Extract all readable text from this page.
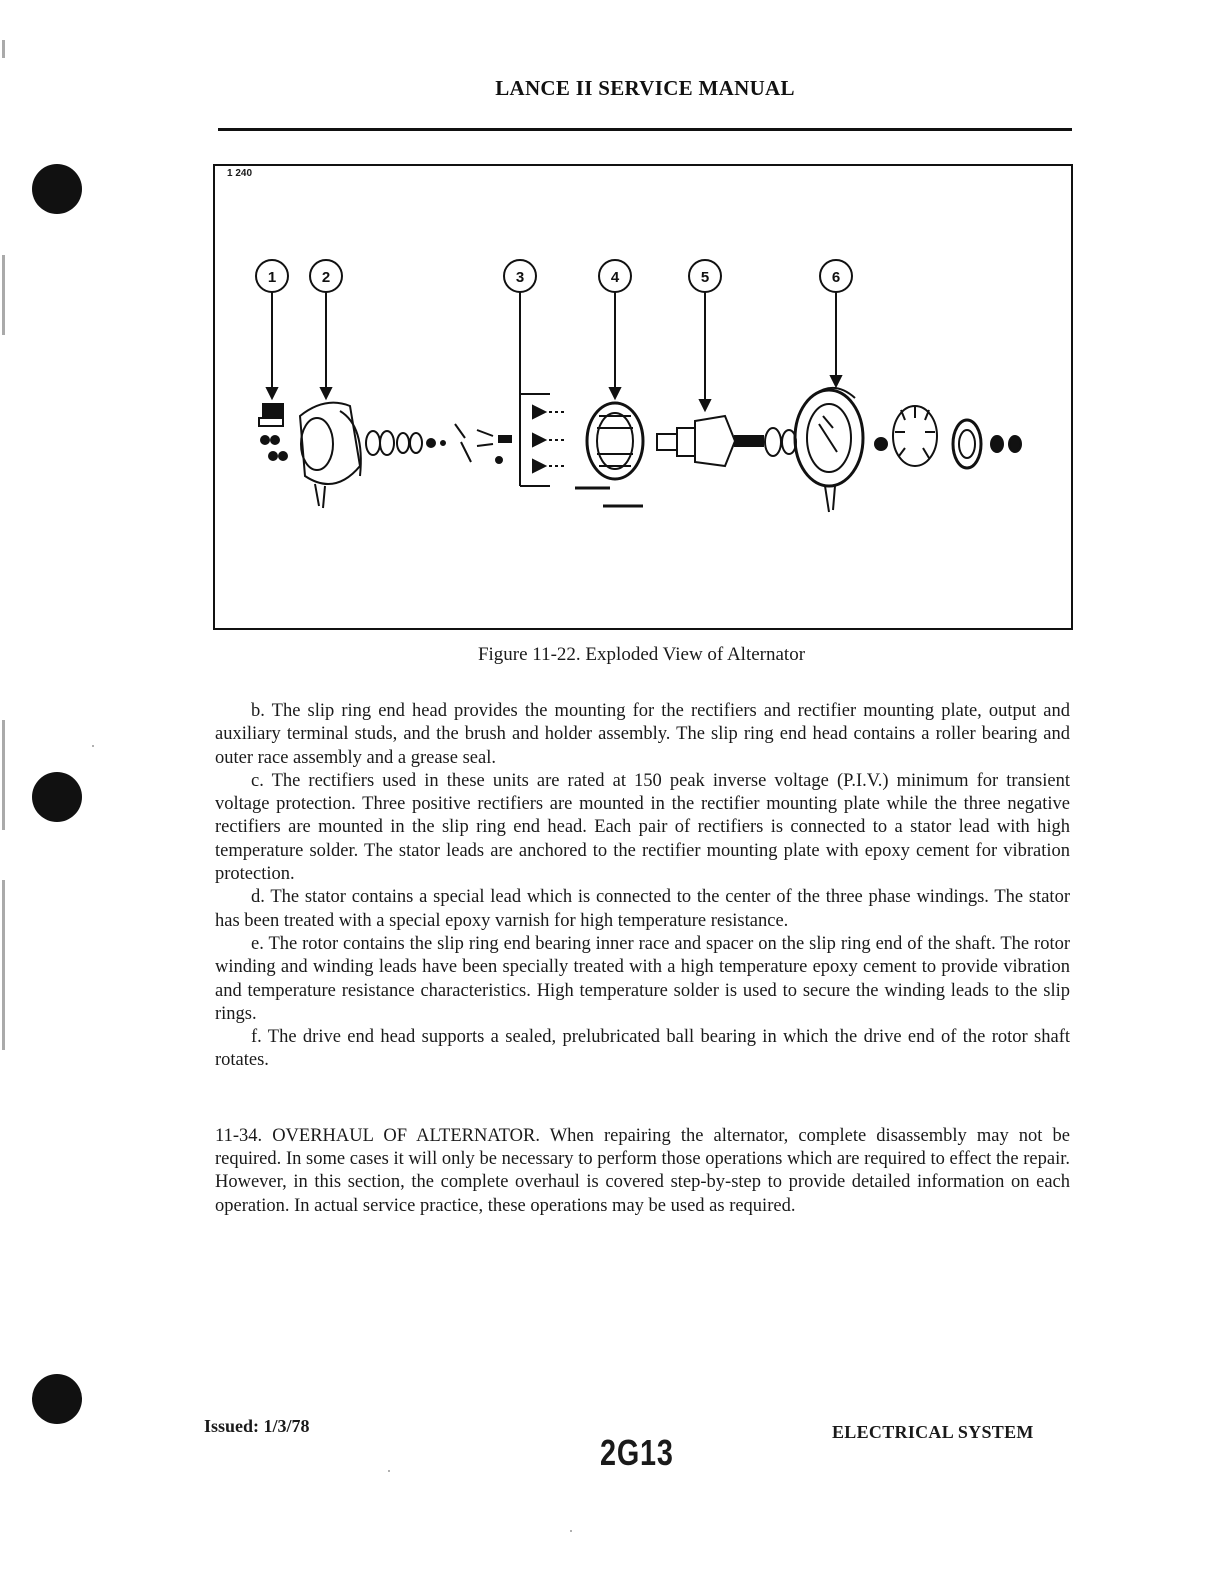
LANCE II SERVICE MANUAL
1 240
1	2	3	4	5	6
Figure 11-22. Exploded View of Alternator

b. The slip ring end head provides the mounting for the rectifiers and rectifier mounting plate, output and auxiliary terminal studs, and the brush and holder assembly. The slip ring end head contains a roller bearing and outer race assembly and a grease seal.

c. The rectifiers used in these units are rated at 150 peak inverse voltage (P.I.V.) minimum for transient voltage protection. Three positive rectifiers are mounted in the rectifier mounting plate while the three negative rectifiers are mounted in the slip ring end head. Each pair of rectifiers is connected to a stator lead with high temperature solder. The stator leads are anchored to the rectifier mounting plate with epoxy cement for vibration protection.

d. The stator contains a special lead which is connected to the center of the three phase windings. The stator has been treated with a special epoxy varnish for high temperature resistance.

e. The rotor contains the slip ring end bearing inner race and spacer on the slip ring end of the shaft. The rotor winding and winding leads have been specially treated with a high temperature epoxy cement to provide vibration and temperature resistance characteristics. High temperature solder is used to secure the winding leads to the slip rings.

f. The drive end head supports a sealed, prelubricated ball bearing in which the drive end of the rotor shaft rotates.

11-34. OVERHAUL OF ALTERNATOR. When repairing the alternator, complete disassembly may not be required. In some cases it will only be necessary to perform those operations which are required to effect the repair. However, in this section, the complete overhaul is covered step-by-step to provide detailed information on each operation. In actual service practice, these operations may be used as required.

Issued: 1/3/78
2G13	ELECTRICAL SYSTEM
